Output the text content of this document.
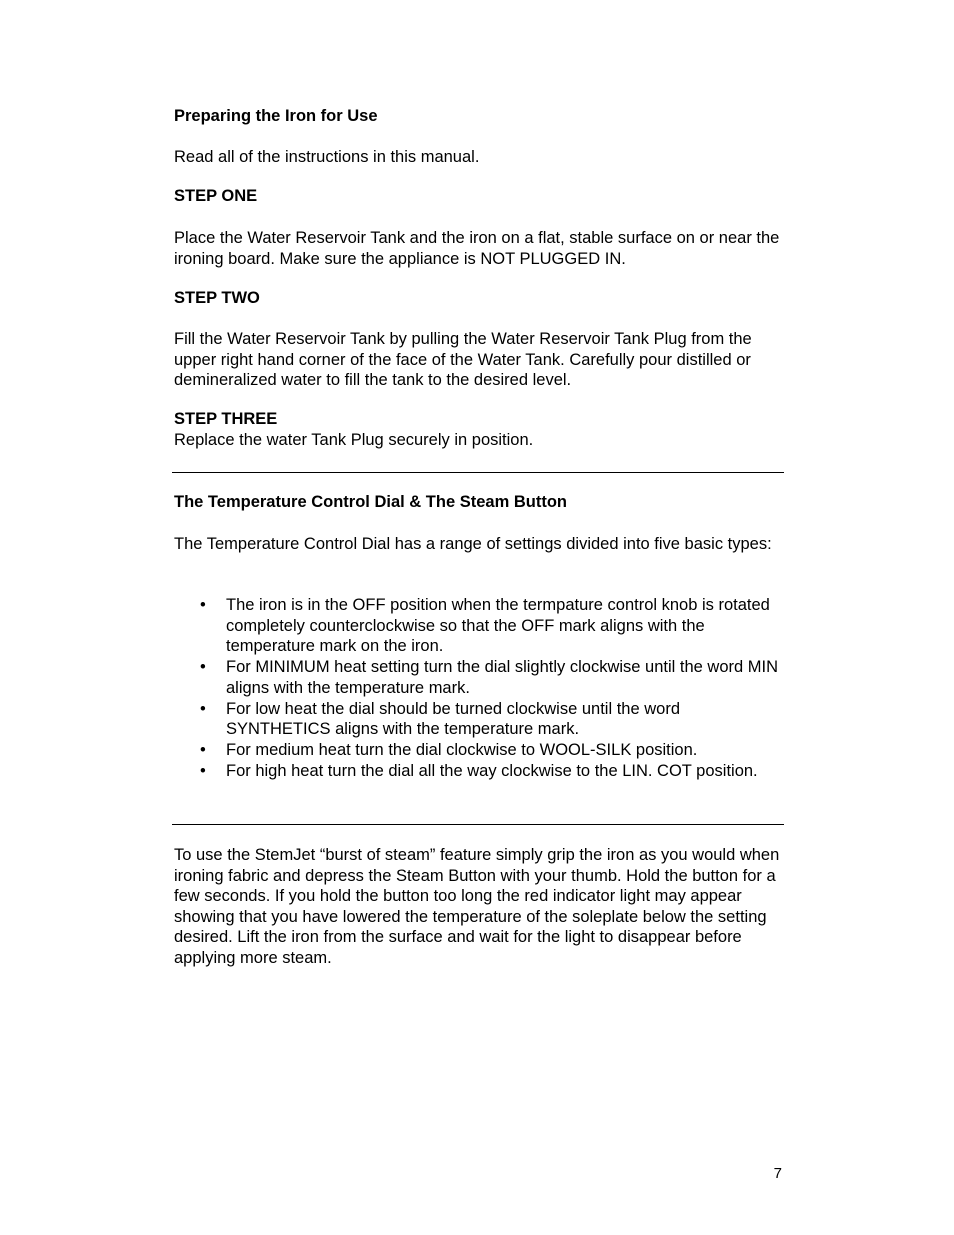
Preparing the Iron for Use

Read all of the instructions in this manual.

STEP ONE

Place the Water Reservoir Tank and the iron on a flat, stable surface on or near the ironing board. Make sure the appliance is NOT PLUGGED IN.

STEP TWO

Fill the Water Reservoir Tank by pulling the Water Reservoir Tank Plug from the upper right hand corner of the face of the Water Tank. Carefully pour distilled or demineralized water to fill the tank to the desired level.

STEP THREE

Replace the water Tank Plug securely in position.

The Temperature Control Dial & The Steam Button

The Temperature Control Dial has a range of settings divided into five basic types:

• The iron is in the OFF position when the termpature control knob is rotated completely counterclockwise so that the OFF mark aligns with the temperature mark on the iron.
• For MINIMUM heat setting turn the dial slightly clockwise until the word MIN aligns with the temperature mark.
• For low heat the dial should be turned clockwise until the word SYNTHETICS aligns with the temperature mark.
• For medium heat turn the dial clockwise to WOOL-SILK position.
• For high heat turn the dial all the way clockwise to the LIN. COT position.

To use the StemJet “burst of steam” feature simply grip the iron as you would when ironing fabric and depress the Steam Button with your thumb. Hold the button for a few seconds. If you hold the button too long the red indicator light may appear showing that you have lowered the temperature of the soleplate below the setting desired. Lift the iron from the surface and wait for the light to disappear before applying more steam.

7
